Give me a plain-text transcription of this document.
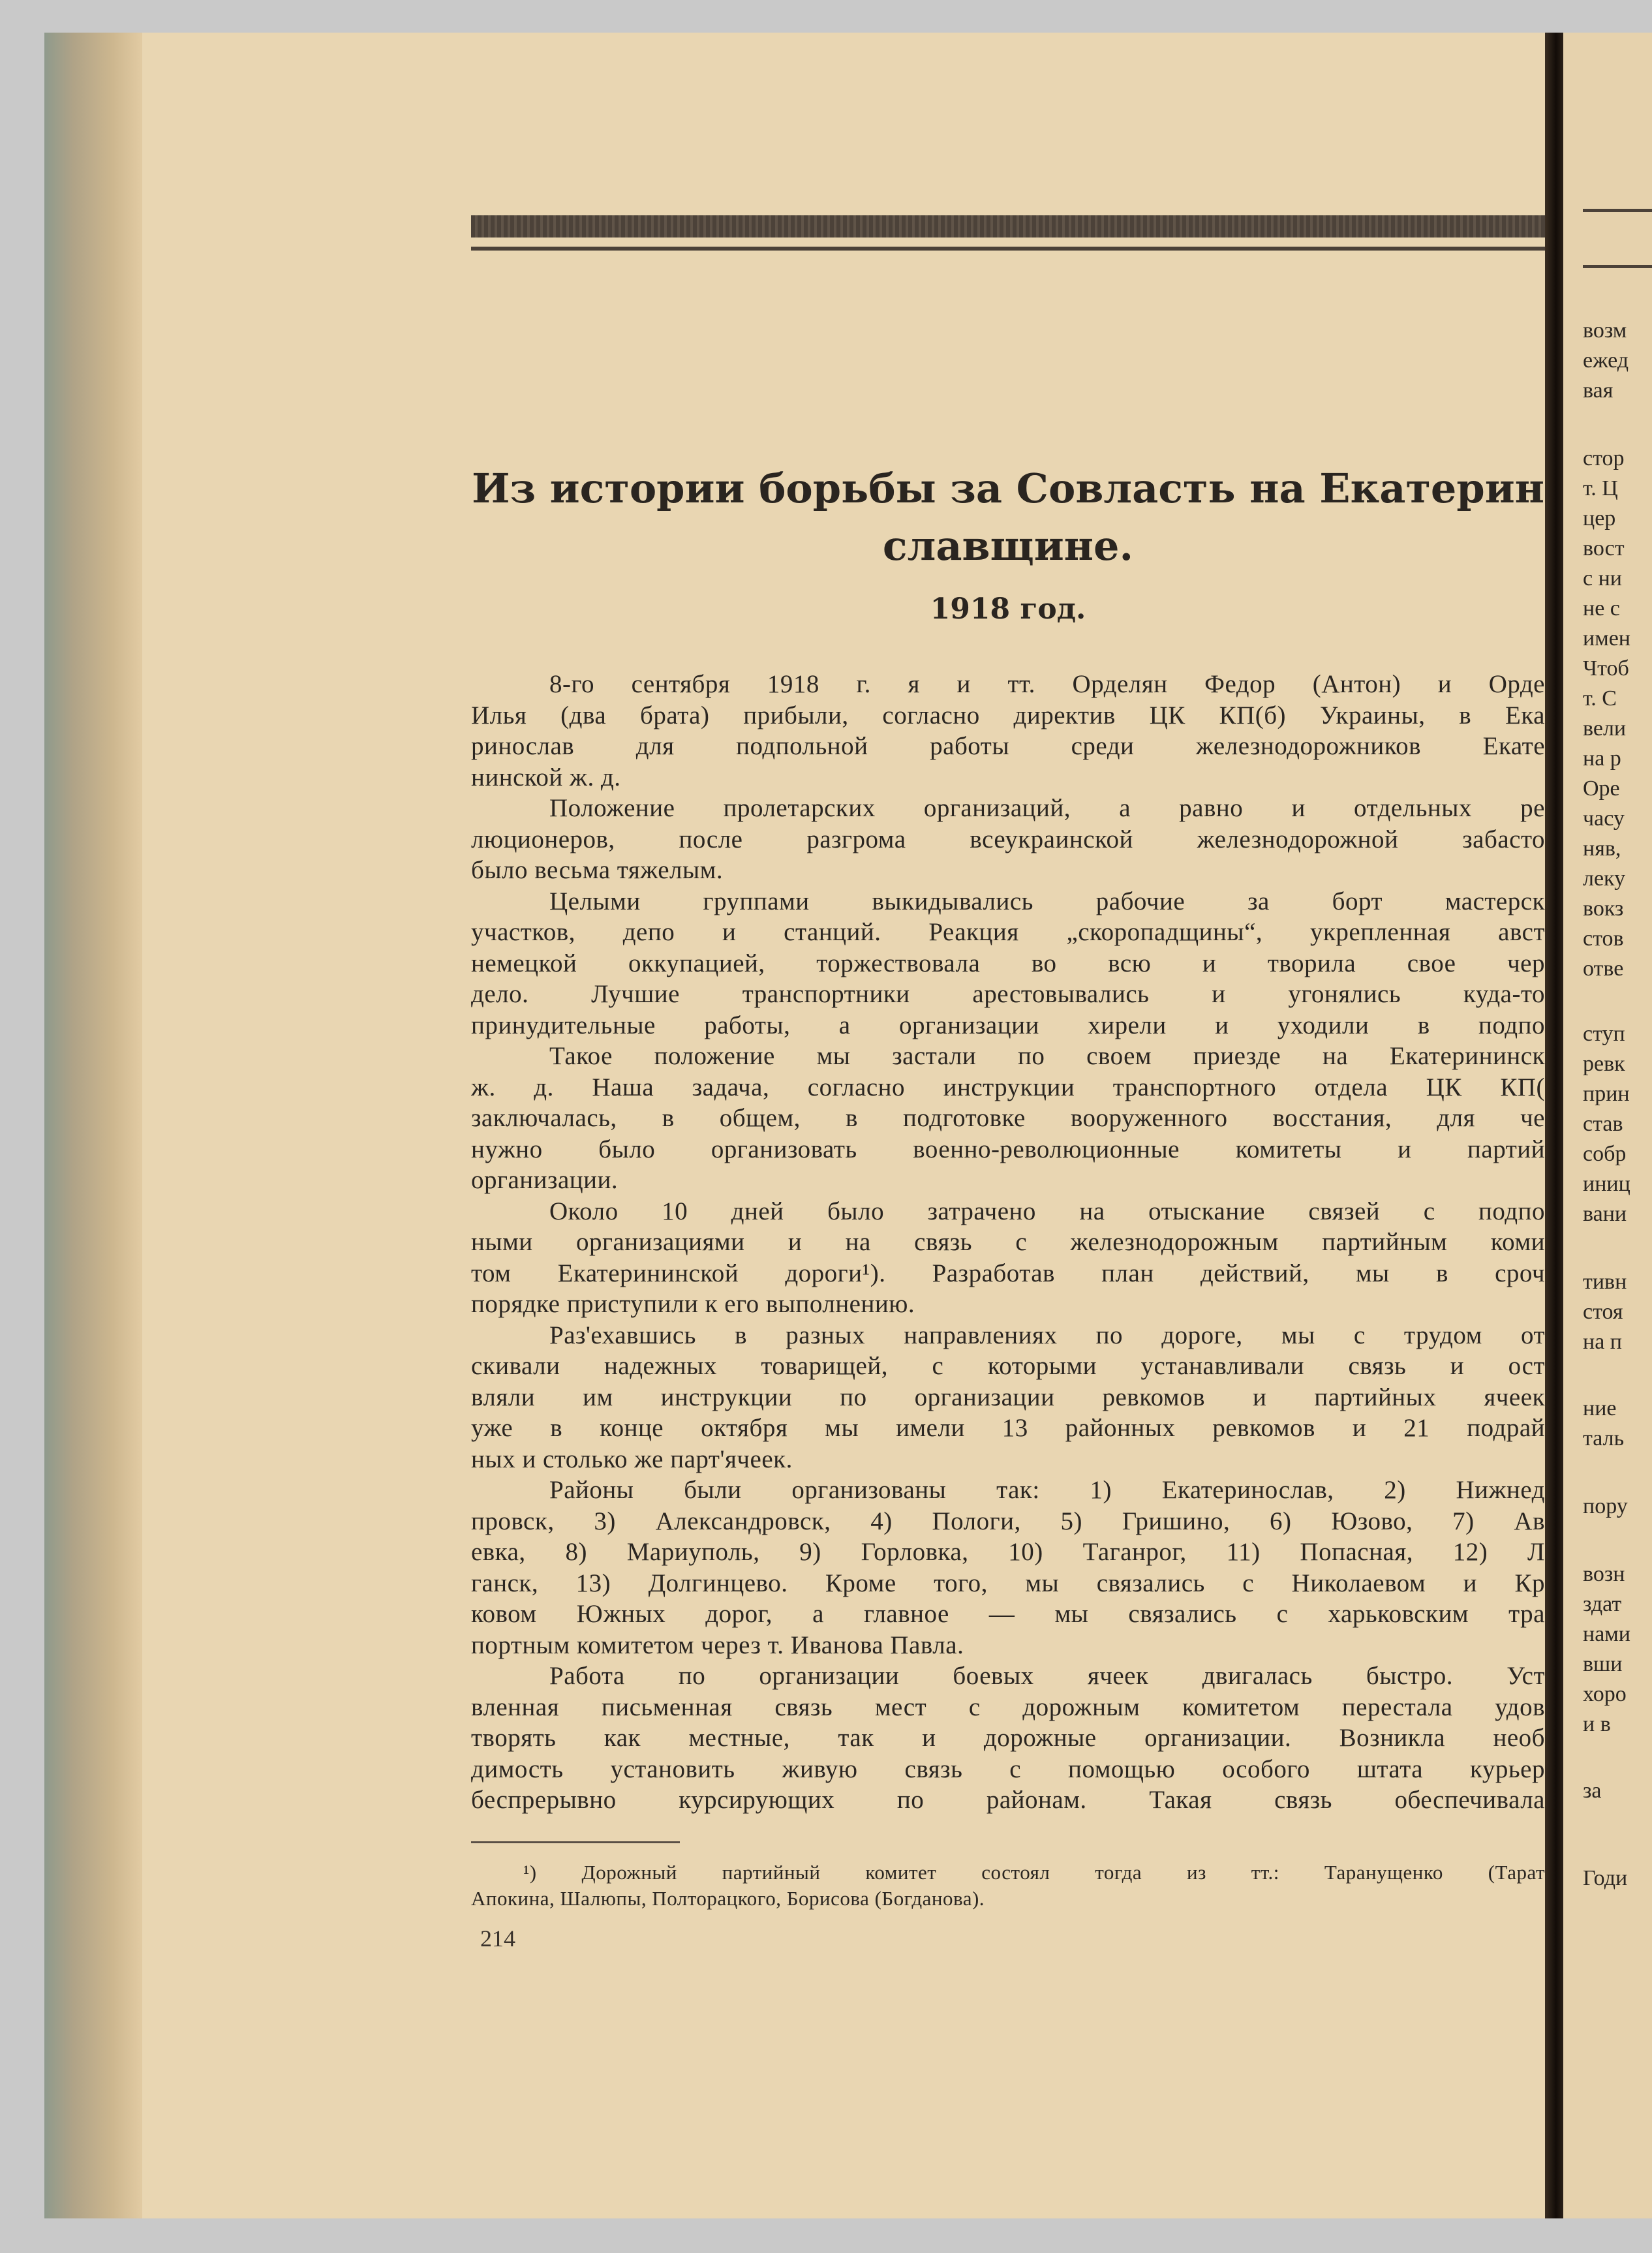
Из истории борьбы за Совласть на Екатерин
славщине.
1918 год.
8-го сентября 1918 г. я и тт. Орделян Федор (Антон) и Орде
Илья (два брата) прибыли, согласно директив ЦК КП(б) Украины, в Ека
ринослав для подпольной работы среди железнодорожников Екате
нинской ж. д.
Положение пролетарских организаций, а равно и отдельных ре
люционеров, после разгрома всеукраинской железнодорожной забасто
было весьма тяжелым.
Целыми группами выкидывались рабочие за борт мастерск
участков, депо и станций. Реакция „скоропадщины“, укрепленная авст
немецкой оккупацией, торжествовала во всю и творила свое чер
дело. Лучшие транспортники арестовывались и угонялись куда-то
принудительные работы, а организации хирели и уходили в подпо
Такое положение мы застали по своем приезде на Екатерининск
ж. д. Наша задача, согласно инструкции транспортного отдела ЦК КП(
заключалась, в общем, в подготовке вооруженного восстания, для че
нужно было организовать военно-революционные комитеты и партий
организации.
Около 10 дней было затрачено на отыскание связей с подпо
ными организациями и на связь с железнодорожным партийным коми
том Екатерининской дороги¹). Разработав план действий, мы в сроч
порядке приступили к его выполнению.
Раз'ехавшись в разных направлениях по дороге, мы с трудом от
скивали надежных товарищей, с которыми устанавливали связь и ост
вляли им инструкции по организации ревкомов и партийных ячеек
уже в конце октября мы имели 13 районных ревкомов и 21 подрай
ных и столько же парт'ячеек.
Районы были организованы так: 1) Екатеринослав, 2) Нижнед
провск, 3) Александровск, 4) Пологи, 5) Гришино, 6) Юзово, 7) Ав
евка, 8) Мариуполь, 9) Горловка, 10) Таганрог, 11) Попасная, 12) Л
ганск, 13) Долгинцево. Кроме того, мы связались с Николаевом и Кр
ковом Южных дорог, а главное — мы связались с харьковским тра
портным комитетом через т. Иванова Павла.
Работа по организации боевых ячеек двигалась быстро. Уст
вленная письменная связь мест с дорожным комитетом перестала удов
творять как местные, так и дорожные организации. Возникла необ
димость установить живую связь с помощью особого штата курьер
беспрерывно курсирующих по районам. Такая связь обеспечивала
¹) Дорожный партийный комитет состоял тогда из тт.: Таранущенко (Тарат
Апокина, Шалюпы, Полторацкого, Борисова (Богданова).
214
возм
ежед
вая
стор
т. Ц
цер
вост
с ни
не с
имен
Чтоб
т. С
вели
на р
Оре
часу
няв,
леку
вокз
стов
отве
ступ
ревк
прин
став
собр
иниц
вани
тивн
стоя
на п
ние
таль
пору
возн
здат
нами
вши
хоро
и в
за
Годи
